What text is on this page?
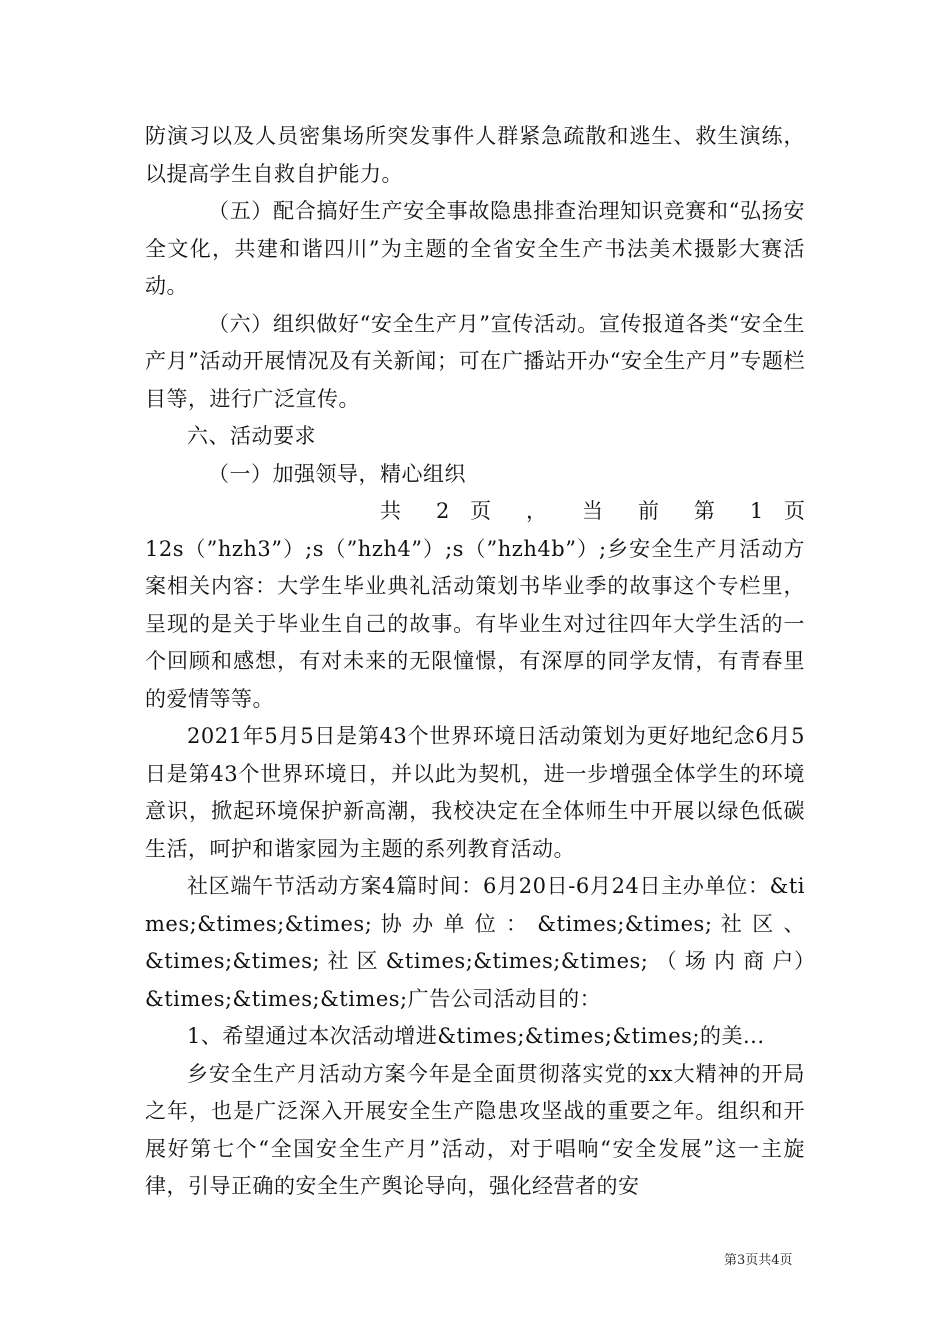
防演习以及人员密集场所突发事件人群紧急疏散和逃生、救生演练，以提高学生自救自护能力。

（五）配合搞好生产安全事故隐患排查治理知识竞赛和“弘扬安全文化，共建和谐四川”为主题的全省安全生产书法美术摄影大赛活动。

（六）组织做好“安全生产月”宣传活动。宣传报道各类“安全生产月”活动开展情况及有关新闻；可在广播站开办“安全生产月”专题栏目等，进行广泛宣传。

六、活动要求

（一）加强领导，精心组织

共 2 页 ， 当 前 第 1 页

12s（”hzh3”）;s（”hzh4”）;s（”hzh4b”）;乡安全生产月活动方案相关内容：大学生毕业典礼活动策划书毕业季的故事这个专栏里，呈现的是关于毕业生自己的故事。有毕业生对过往四年大学生活的一个回顾和感想，有对未来的无限憧憬，有深厚的同学友情，有青春里的爱情等等。

2021年5月5日是第43个世界环境日活动策划为更好地纪念6月5日是第43个世界环境日，并以此为契机，进一步增强全体学生的环境意识，掀起环境保护新高潮，我校决定在全体师生中开展以绿色低碳生活，呵护和谐家园为主题的系列教育活动。

社区端午节活动方案4篇时间：6月20日-6月24日主办单位：&times;&times;&times; 协 办 单 位 ： &times;&times; 社 区 、 &times;&times; 社 区 &times;&times;&times; （ 场 内 商 户）&times;&times;&times;广告公司活动目的：

1、希望通过本次活动增进&times;&times;&times;的美...

乡安全生产月活动方案今年是全面贯彻落实党的xx大精神的开局之年，也是广泛深入开展安全生产隐患攻坚战的重要之年。组织和开展好第七个“全国安全生产月”活动，对于唱响“安全发展”这一主旋律，引导正确的安全生产舆论导向，强化经营者的安

第3页共4页
